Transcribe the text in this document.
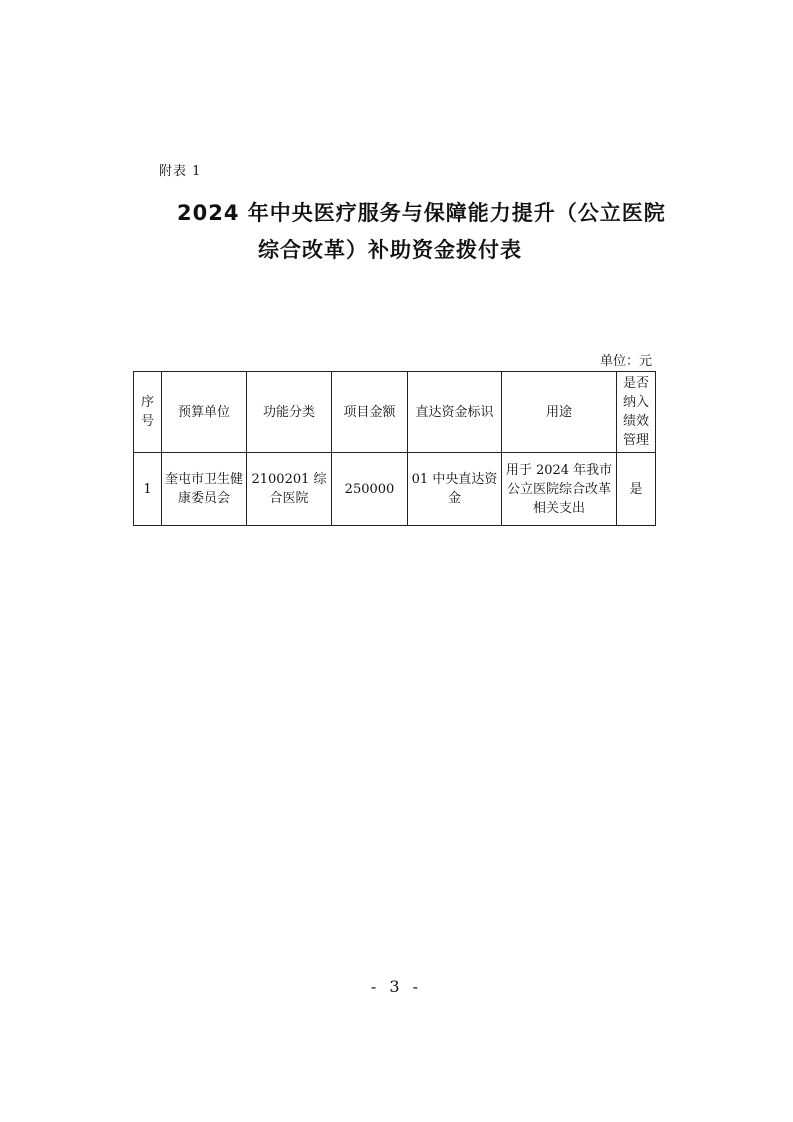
附表 1
2024 年中央医疗服务与保障能力提升（公立医院
综合改革）补助资金拨付表
单位：元
序号	预算单位	功能分类	项目金额	直达资金标识	用途	是否纳入绩效管理
1	奎屯市卫生健康委员会	2100201 综合医院	250000	01 中央直达资金	用于 2024 年我市公立医院综合改革相关支出	是
- 3 -
